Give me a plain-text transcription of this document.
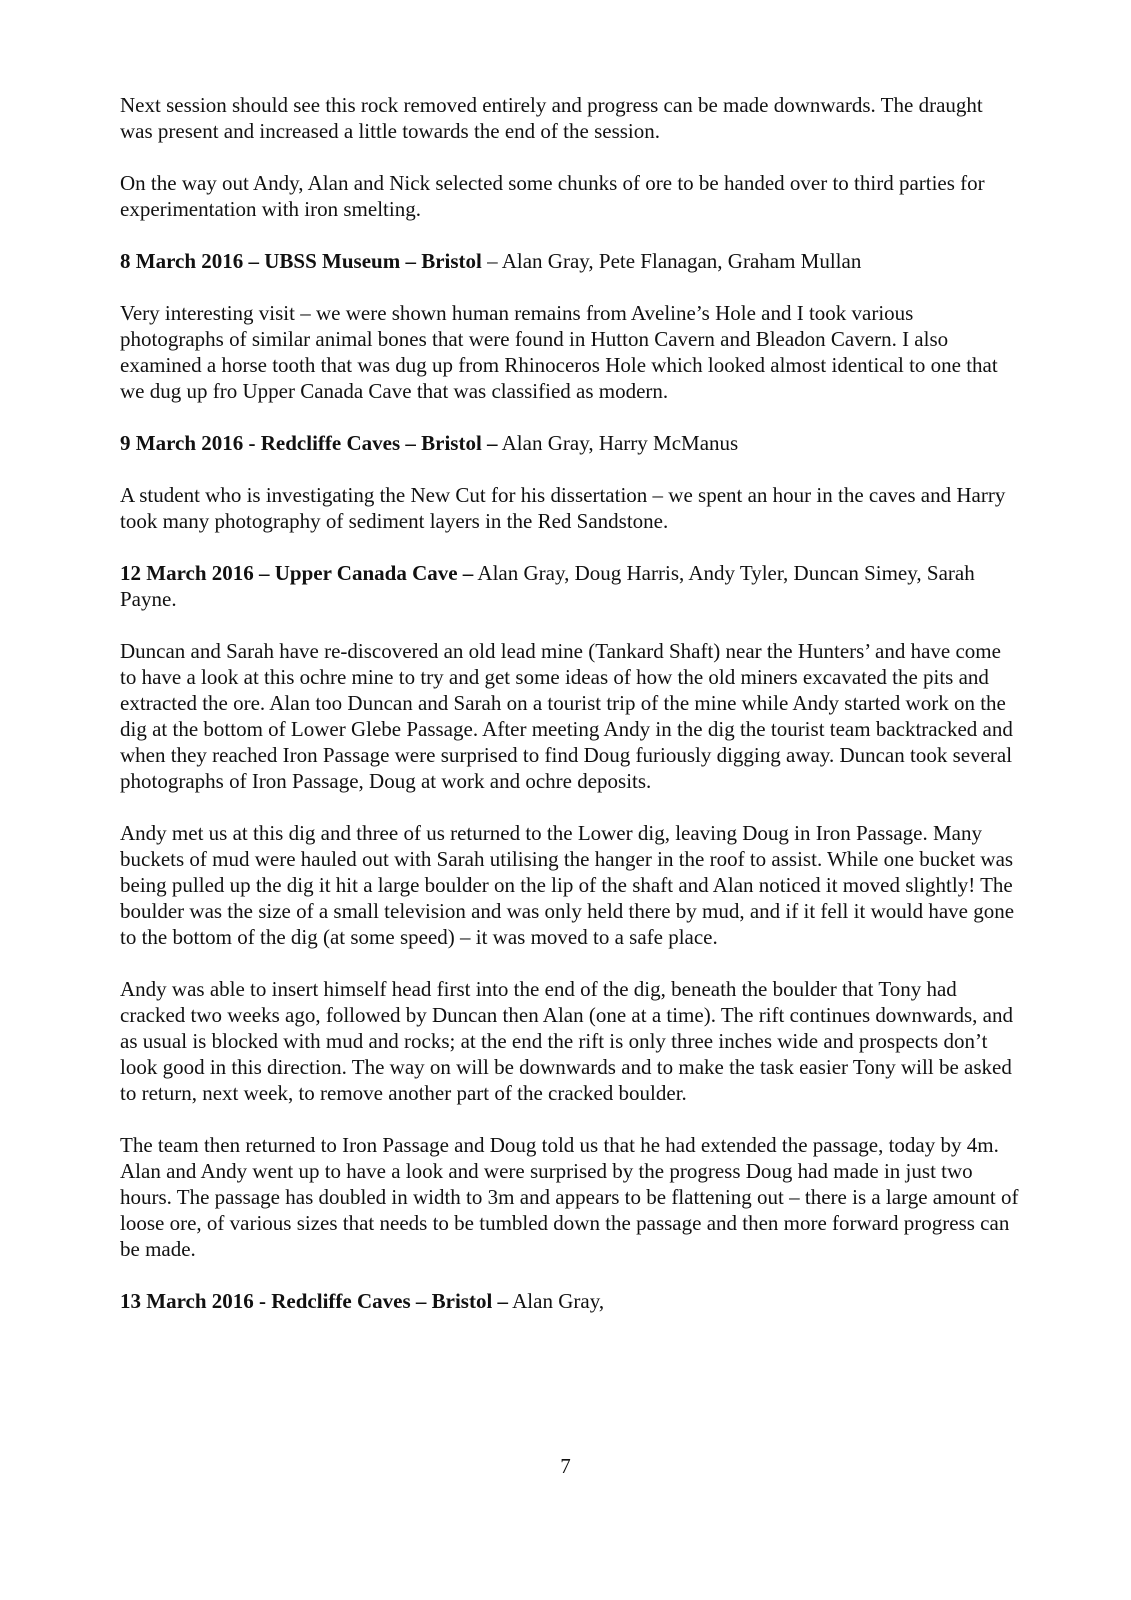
Next session should see this rock removed entirely and progress can be made downwards. The draught was present and increased a little towards the end of the session.

On the way out Andy, Alan and Nick selected some chunks of ore to be handed over to third parties for experimentation with iron smelting.

8 March 2016 – UBSS Museum – Bristol – Alan Gray, Pete Flanagan, Graham Mullan

Very interesting visit – we were shown human remains from Aveline’s Hole and I took various photographs of similar animal bones that were found in Hutton Cavern and Bleadon Cavern. I also examined a horse tooth that was dug up from Rhinoceros Hole which looked almost identical to one that we dug up fro Upper Canada Cave that was classified as modern.

9 March 2016 - Redcliffe Caves – Bristol – Alan Gray, Harry McManus

A student who is investigating the New Cut for his dissertation – we spent an hour in the caves and Harry took many photography of sediment layers in the Red Sandstone.

12 March 2016 – Upper Canada Cave – Alan Gray, Doug Harris, Andy Tyler, Duncan Simey, Sarah Payne.

Duncan and Sarah have re-discovered an old lead mine (Tankard Shaft) near the Hunters’ and have come to have a look at this ochre mine to try and get some ideas of how the old miners excavated the pits and extracted the ore. Alan too Duncan and Sarah on a tourist trip of the mine while Andy started work on the dig at the bottom of Lower Glebe Passage. After meeting Andy in the dig the tourist team backtracked and when they reached Iron Passage were surprised to find Doug furiously digging away. Duncan took several photographs of Iron Passage, Doug at work and ochre deposits.

Andy met us at this dig and three of us returned to the Lower dig, leaving Doug in Iron Passage. Many buckets of mud were hauled out with Sarah utilising the hanger in the roof to assist. While one bucket was being pulled up the dig it hit a large boulder on the lip of the shaft and Alan noticed it moved slightly! The boulder was the size of a small television and was only held there by mud, and if it fell it would have gone to the bottom of the dig (at some speed) – it was moved to a safe place.

Andy was able to insert himself head first into the end of the dig, beneath the boulder that Tony had cracked two weeks ago, followed by Duncan then Alan (one at a time). The rift continues downwards, and as usual is blocked with mud and rocks; at the end the rift is only three inches wide and prospects don’t look good in this direction. The way on will be downwards and to make the task easier Tony will be asked to return, next week, to remove another part of the cracked boulder.

The team then returned to Iron Passage and Doug told us that he had extended the passage, today by 4m. Alan and Andy went up to have a look and were surprised by the progress Doug had made in just two hours. The passage has doubled in width to 3m and appears to be flattening out – there is a large amount of loose ore, of various sizes that needs to be tumbled down the passage and then more forward progress can be made.

13 March 2016 - Redcliffe Caves – Bristol – Alan Gray,

7
